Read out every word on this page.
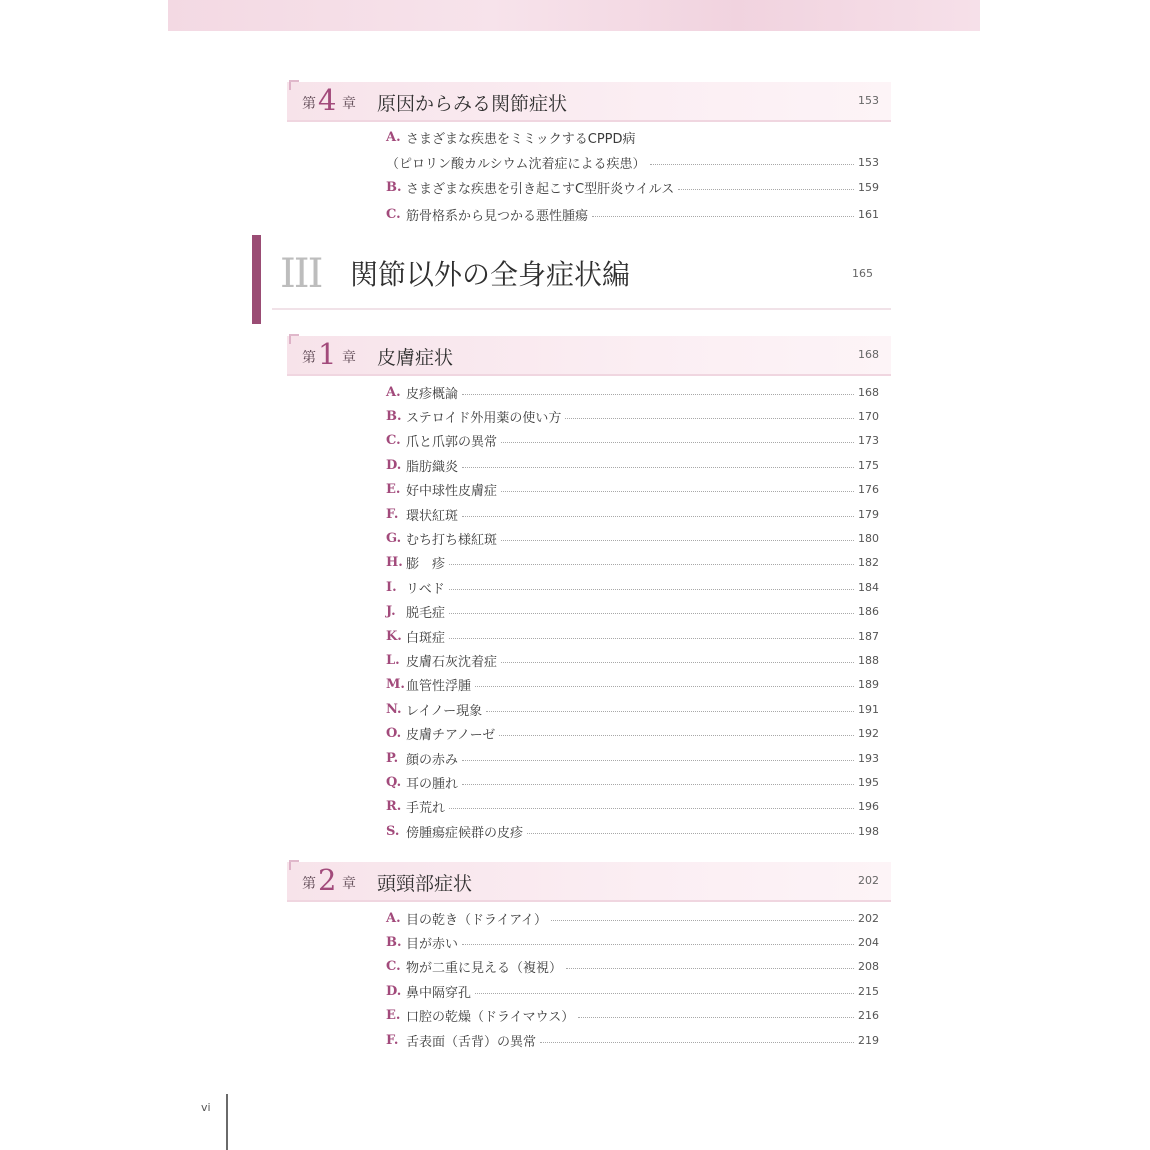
第 4 章 原因からみる関節症状	153
A. さまざまな疾患をミミックするCPPD病
（ピロリン酸カルシウム沈着症による疾患）	153
B. さまざまな疾患を引き起こすC型肝炎ウイルス	159
C. 筋骨格系から見つかる悪性腫瘍	161
III 関節以外の全身症状編	165
第 1 章 皮膚症状	168
A. 皮疹概論	168
B. ステロイド外用薬の使い方	170
C. 爪と爪郭の異常	173
D. 脂肪織炎	175
E. 好中球性皮膚症	176
F. 環状紅斑	179
G. むち打ち様紅斑	180
H. 膨　疹	182
I. リベド	184
J. 脱毛症	186
K. 白斑症	187
L. 皮膚石灰沈着症	188
M. 血管性浮腫	189
N. レイノー現象	191
O. 皮膚チアノーゼ	192
P. 顔の赤み	193
Q. 耳の腫れ	195
R. 手荒れ	196
S. 傍腫瘍症候群の皮疹	198
第 2 章 頭頸部症状	202
A. 目の乾き（ドライアイ）	202
B. 目が赤い	204
C. 物が二重に見える（複視）	208
D. 鼻中隔穿孔	215
E. 口腔の乾燥（ドライマウス）	216
F. 舌表面（舌背）の異常	219
vi
